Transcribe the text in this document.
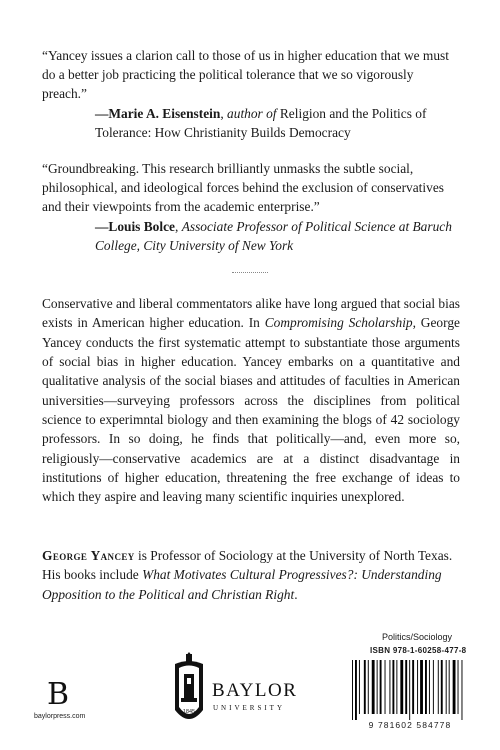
“Yancey issues a clarion call to those of us in higher education that we must do a better job practicing the political tolerance that we so vigorously preach.”

—Marie A. Eisenstein, author of Religion and the Politics of Tolerance: How Christianity Builds Democracy

“Groundbreaking. This research brilliantly unmasks the subtle social, philosophical, and ideological forces behind the exclusion of conservatives and their viewpoints from the academic enterprise.”

—Louis Bolce, Associate Professor of Political Science at Baruch College, City University of New York

Conservative and liberal commentators alike have long argued that social bias exists in American higher education. In Compromising Scholarship, George Yancey conducts the first systematic attempt to substantiate those arguments of social bias in higher education. Yancey embarks on a quantitative and qualitative analysis of the social biases and attitudes of faculties in American universities—surveying professors across the disciplines from political science to experimntal biology and then examining the blogs of 42 sociology professors. In so doing, he finds that politically—and, even more so, religiously—conservative academics are at a distinct disadvantage in institutions of higher education, threatening the free exchange of ideas to which they aspire and leaving many scientific inquiries unexplored.

George Yancey is Professor of Sociology at the University of North Texas. His books include What Motivates Cultural Progressives?: Understanding Opposition to the Political and Christian Right.

B
baylorpress.com
1845
BAYLOR
UNIVERSITY
Politics/Sociology
ISBN 978-1-60258-477-8
9 781602 584778
